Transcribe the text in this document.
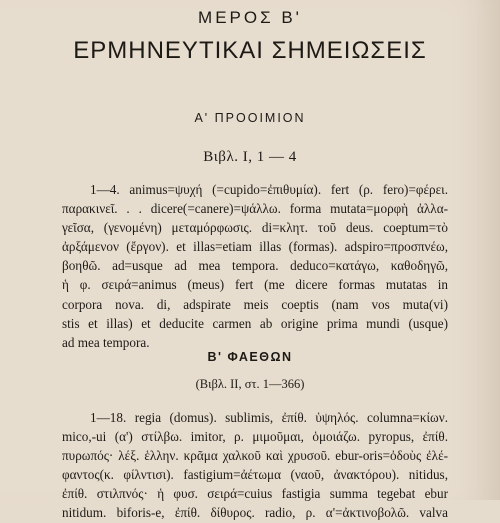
ΜΕΡΟΣ Β'
ΕΡΜΗΝΕΥΤΙΚΑΙ ΣΗΜΕΙΩΣΕΙΣ
Α' ΠΡΟΟΙΜΙΟΝ
Βιβλ. I, 1 — 4
1—4. animus=ψυχή (=cupido=ἐπιθυμία). fert (ρ. fero)=φέρει.
παρακινεῖ. . . dicere(=canere)=ψάλλω. forma mutata=μορφὴ ἀλλα-
γεῖσα, (γενομένη) μεταμόρφωσις. di=κλητ. τοῦ deus. coeptum=τὸ
ἀρξάμενον (ἔργον). et illas=etiam illas (formas). adspiro=προσπνέω,
βοηθῶ. ad=usque ad mea tempora. deduco=κατάγω, καθοδηγῶ,
ἡ φ. σειρά=animus (meus) fert (me dicere formas mutatas in
corpora nova. di, adspirate meis coeptis (nam vos muta(vi)
stis et illas) et deducite carmen ab origine prima mundi (usque)
ad mea tempora.
Β' ΦΑΕΘΩΝ
(Βιβλ. II, στ. 1—366)
1—18. regia (domus). sublimis, ἐπίθ. ὑψηλός. columna=κίων.
mico,-ui (α') στίλβω. imitor, ρ. μιμοῦμαι, ὁμοιάζω. pyropus, ἐπίθ.
πυρωπός· λέξ. ἑλλην. κρᾶμα χαλκοῦ καὶ χρυσοῦ. ebur-oris=ὀδοὺς ἐλέ-
φαντος(κ. φίλντισι). fastigium=ἀέτωμα (ναοῦ, ἀνακτόρου). nitidus,
ἐπίθ. στιλπνός· ἡ φυσ. σειρά=cuius fastigia summa tegebat ebur
nitidum. biforis-e, ἐπίθ. δίθυρος. radio, ρ. α'=ἀκτινοβολῶ. valva
